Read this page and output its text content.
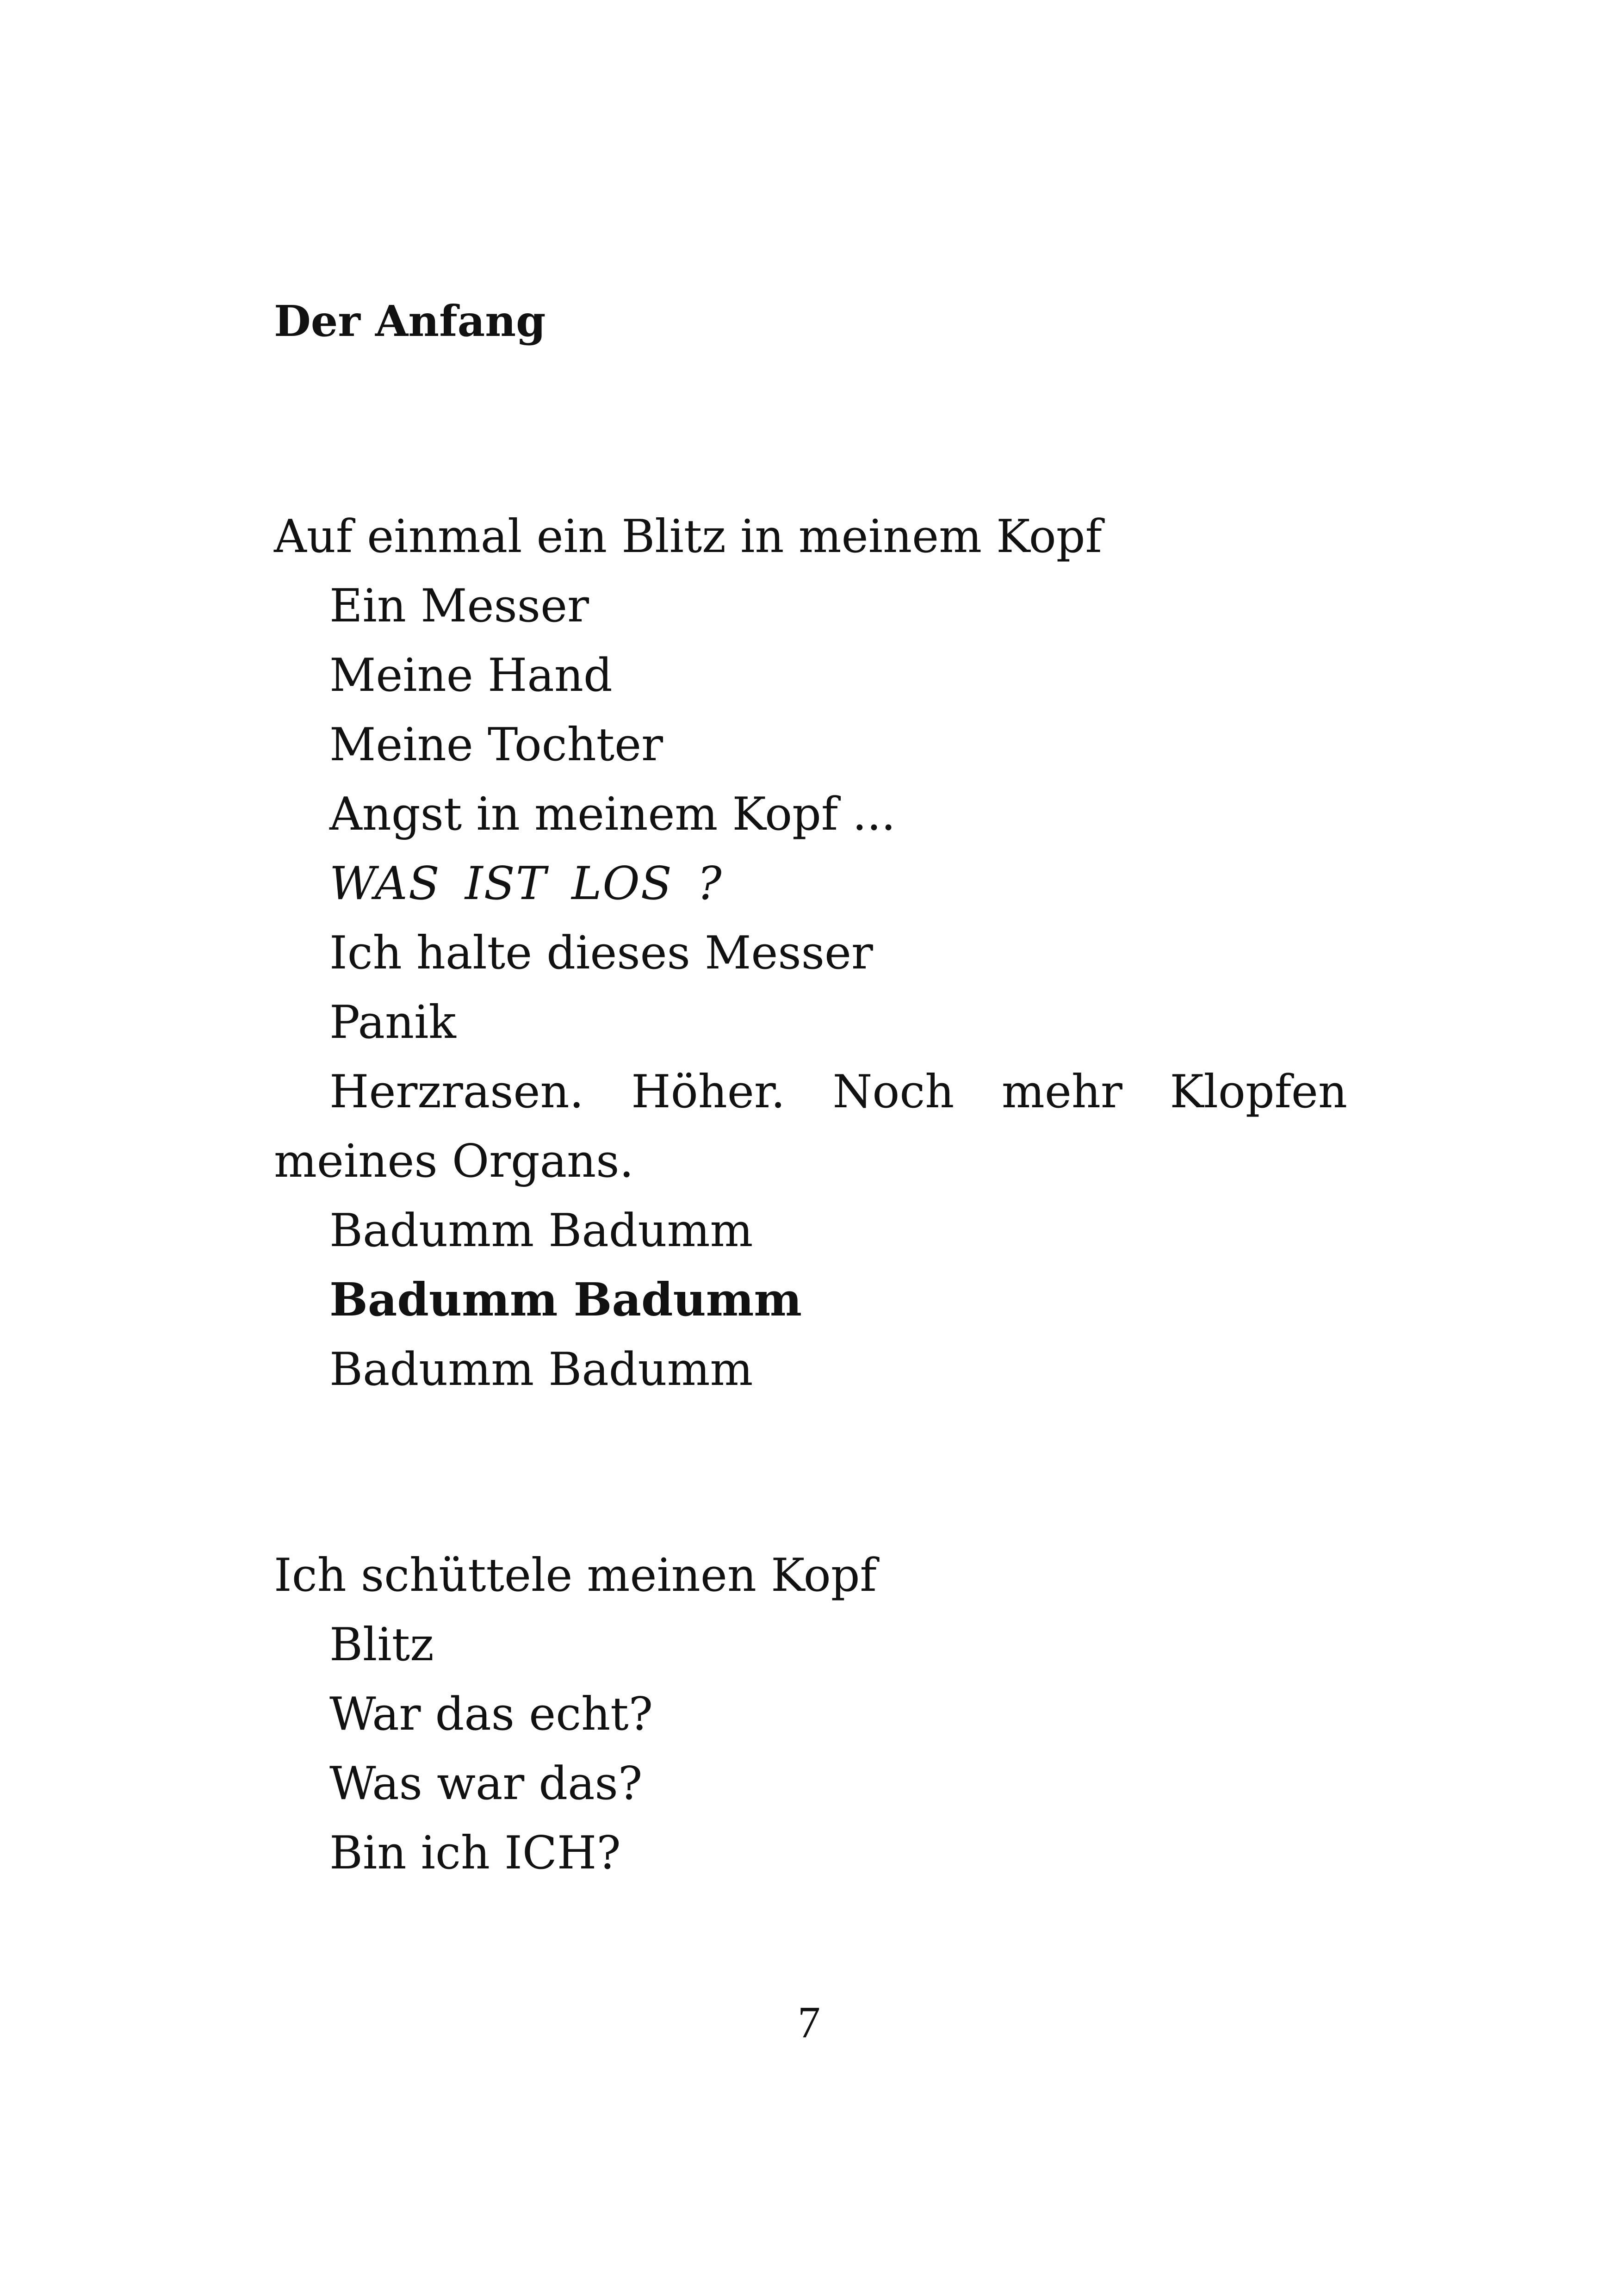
Der Anfang
Auf einmal ein Blitz in meinem Kopf
Ein Messer
Meine Hand
Meine Tochter
Angst in meinem Kopf ...
WAS IST LOS ?
Ich halte dieses Messer
Panik
Herzrasen. Höher. Noch mehr Klopfen
meines Organs.
Badumm Badumm
Badumm Badumm
Badumm Badumm
Ich schüttele meinen Kopf
Blitz
War das echt?
Was war das?
Bin ich ICH?
7
